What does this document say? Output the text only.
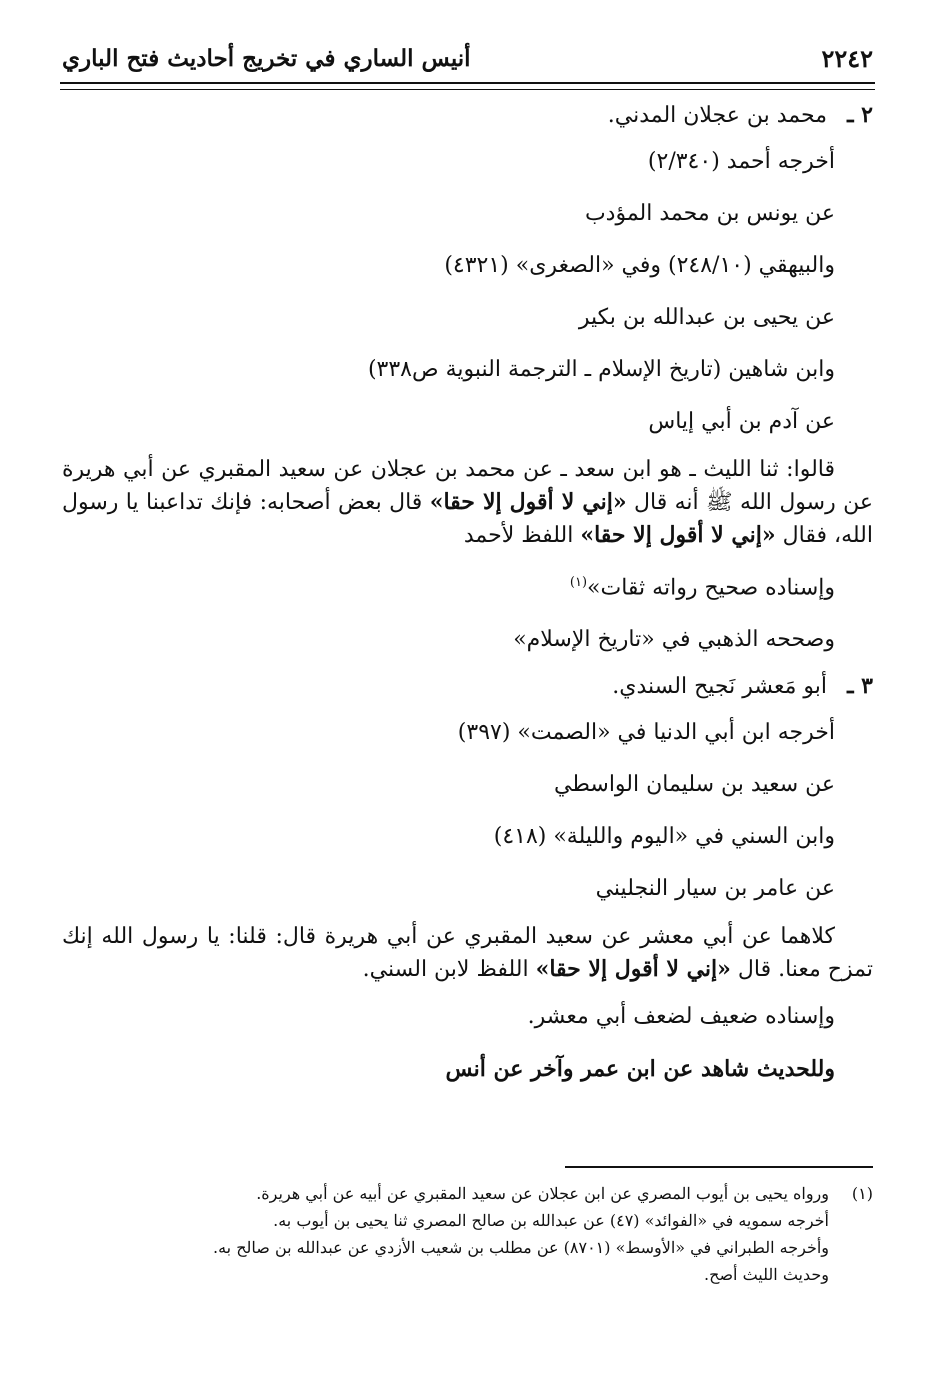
٢٢٤٢
أنيس الساري في تخريج أحاديث فتح الباري
٢ ـ
محمد بن عجلان المدني.
أخرجه أحمد (٢/٣٤٠)
عن يونس بن محمد المؤدب
والبيهقي (٢٤٨/١٠) وفي «الصغرى» (٤٣٢١)
عن يحيى بن عبدالله بن بكير
وابن شاهين (تاريخ الإسلام ـ الترجمة النبوية ص٣٣٨)
عن آدم بن أبي إياس
قالوا: ثنا الليث ـ هو ابن سعد ـ عن محمد بن عجلان عن سعيد المقبري عن أبي هريرة عن رسول الله ﷺ أنه قال «إني لا أقول إلا حقا» قال بعض أصحابه: فإنك تداعبنا يا رسول الله، فقال «إني لا أقول إلا حقا» اللفظ لأحمد
وإسناده صحيح رواته ثقات»$^{(١)}$
وصححه الذهبي في «تاريخ الإسلام»
٣ ـ
أبو مَعشر نَجيح السندي.
أخرجه ابن أبي الدنيا في «الصمت» (٣٩٧)
عن سعيد بن سليمان الواسطي
وابن السني في «اليوم والليلة» (٤١٨)
عن عامر بن سيار النجليني
كلاهما عن أبي معشر عن سعيد المقبري عن أبي هريرة قال: قلنا: يا رسول الله إنك تمزح معنا. قال «إني لا أقول إلا حقا» اللفظ لابن السني.
وإسناده ضعيف لضعف أبي معشر.
وللحديث شاهد عن ابن عمر وآخر عن أنس
(١)
ورواه يحيى بن أيوب المصري عن ابن عجلان عن سعيد المقبري عن أبيه عن أبي هريرة.
أخرجه سمويه في «الفوائد» (٤٧) عن عبدالله بن صالح المصري ثنا يحيى بن أيوب به.
وأخرجه الطبراني في «الأوسط» (٨٧٠١) عن مطلب بن شعيب الأزدي عن عبدالله بن صالح به.
وحديث الليث أصح.
